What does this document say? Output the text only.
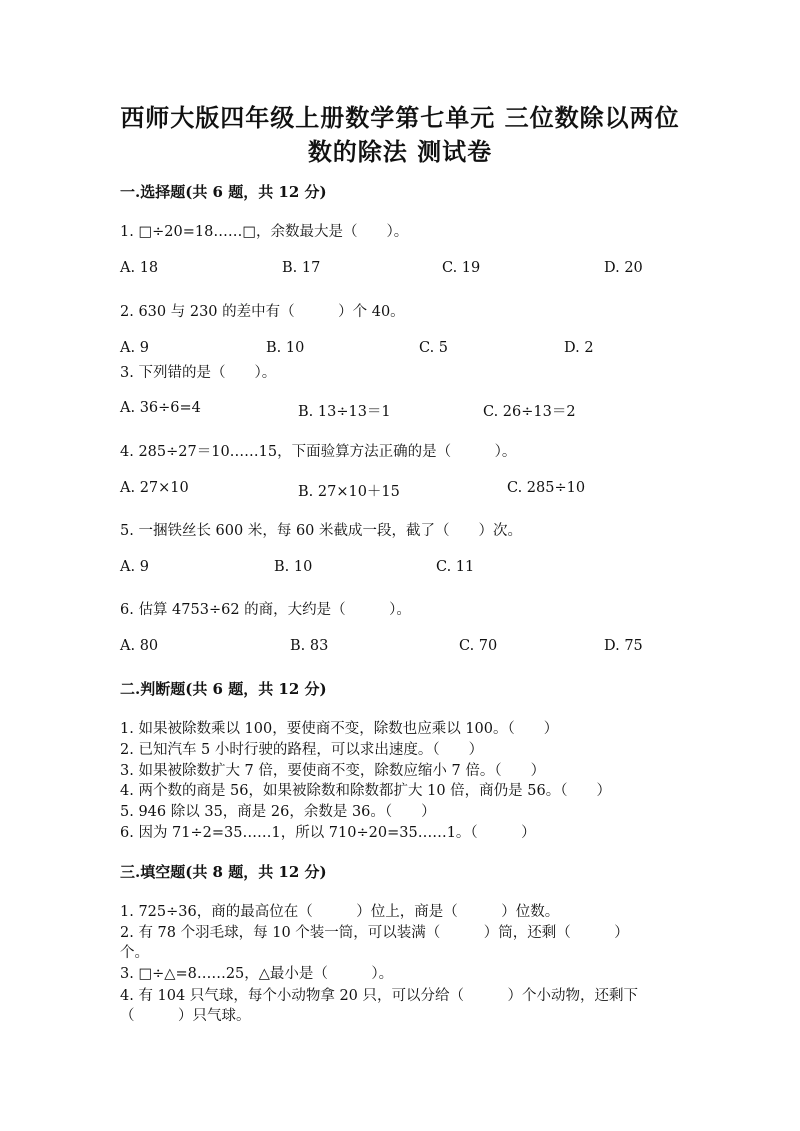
西师大版四年级上册数学第七单元 三位数除以两位
数的除法 测试卷
一.选择题(共 6 题，共 12 分)
1. □÷20=18……□，余数最大是（　　）。
A. 18	B. 17	C. 19	D. 20
2. 630 与 230 的差中有（　　　）个 40。
A. 9	B. 10	C. 5	D. 2
3. 下列错的是（　　）。
A. 36÷6=4	B. 13÷13＝1	C. 26÷13＝2
4. 285÷27＝10……15，下面验算方法正确的是（　　　）。
A. 27×10	B. 27×10＋15	C. 285÷10
5. 一捆铁丝长 600 米，每 60 米截成一段，截了（　　）次。
A. 9	B. 10	C. 11
6. 估算 4753÷62 的商，大约是（　　　）。
A. 80	B. 83	C. 70	D. 75
二.判断题(共 6 题，共 12 分)
1. 如果被除数乘以 100，要使商不变，除数也应乘以 100。（　　）
2. 已知汽车 5 小时行驶的路程，可以求出速度。（　　）
3. 如果被除数扩大 7 倍，要使商不变，除数应缩小 7 倍。（　　）
4. 两个数的商是 56，如果被除数和除数都扩大 10 倍，商仍是 56。（　　）
5. 946 除以 35，商是 26，余数是 36。（　　）
6. 因为 71÷2=35……1，所以 710÷20=35……1。（　　　）
三.填空题(共 8 题，共 12 分)
1. 725÷36，商的最高位在（　　　）位上，商是（　　　）位数。
2. 有 78 个羽毛球，每 10 个装一筒，可以装满（　　　）筒，还剩（　　　）
个。
3. □÷△=8……25，△最小是（　　　）。
4. 有 104 只气球，每个小动物拿 20 只，可以分给（　　　）个小动物，还剩下
（　　　）只气球。
